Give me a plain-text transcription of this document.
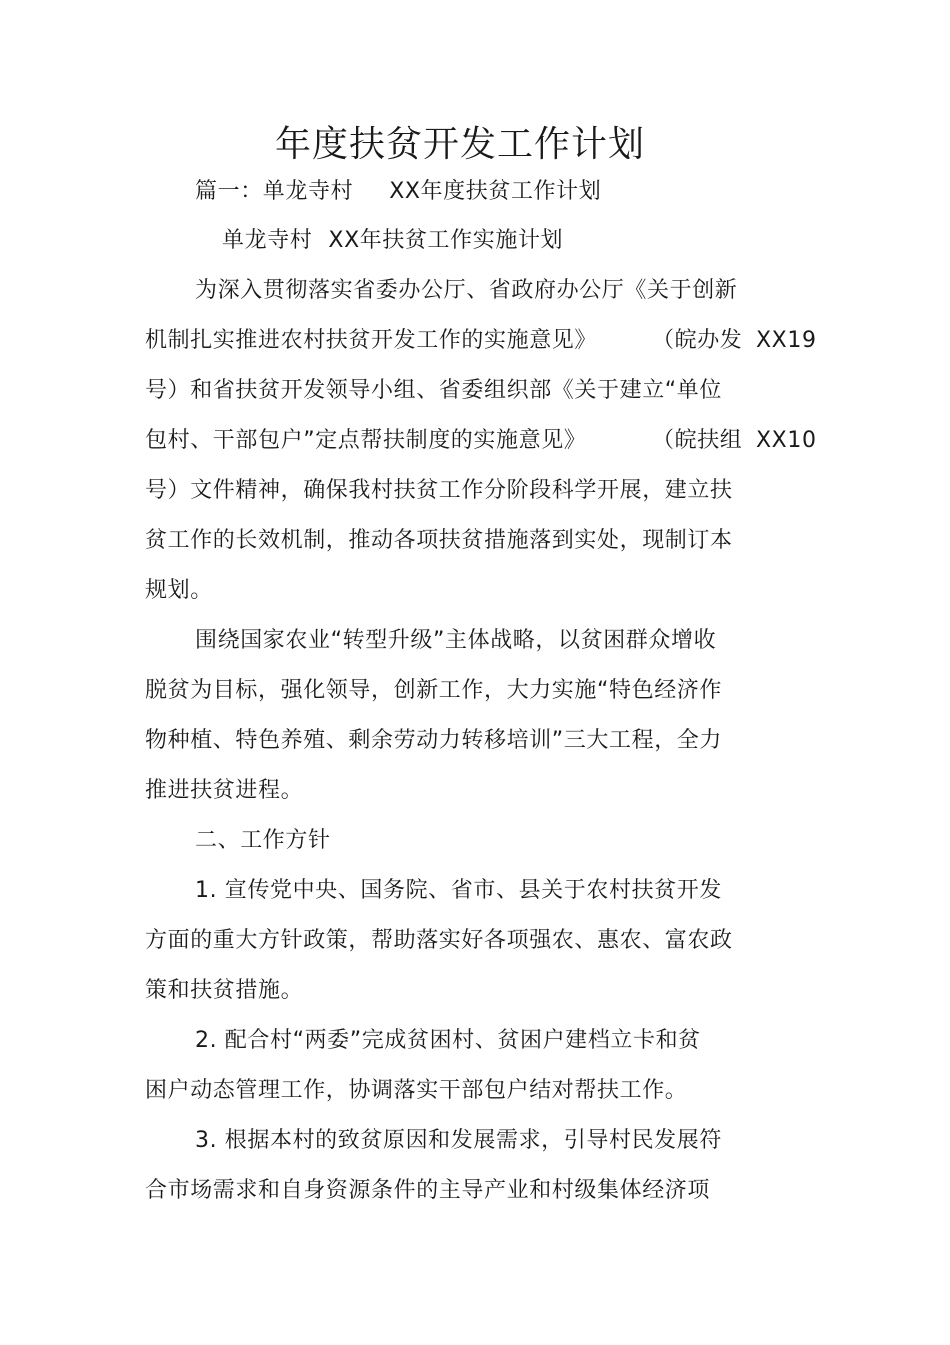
年度扶贫开发工作计划
篇一：单龙寺村 XX年度扶贫工作计划
单龙寺村 XX年扶贫工作实施计划
为深入贯彻落实省委办公厅、省政府办公厅《关于创新
机制扎实推进农村扶贫开发工作的实施意见》 （皖办发 XX19
号）和省扶贫开发领导小组、省委组织部《关于建立“单位
包村、干部包户”定点帮扶制度的实施意见》	（皖扶组 XX10
号）文件精神，确保我村扶贫工作分阶段科学开展，建立扶
贫工作的长效机制，推动各项扶贫措施落到实处，现制订本
规划。
围绕国家农业“转型升级”主体战略，以贫困群众增收
脱贫为目标，强化领导，创新工作，大力实施“特色经济作
物种植、特色养殖、剩余劳动力转移培训”三大工程，全力
推进扶贫进程。
二、工作方针
1. 宣传党中央、国务院、省市、县关于农村扶贫开发
方面的重大方针政策，帮助落实好各项强农、惠农、富农政
策和扶贫措施。
2. 配合村“两委”完成贫困村、贫困户建档立卡和贫
困户动态管理工作，协调落实干部包户结对帮扶工作。
3. 根据本村的致贫原因和发展需求，引导村民发展符
合市场需求和自身资源条件的主导产业和村级集体经济项
